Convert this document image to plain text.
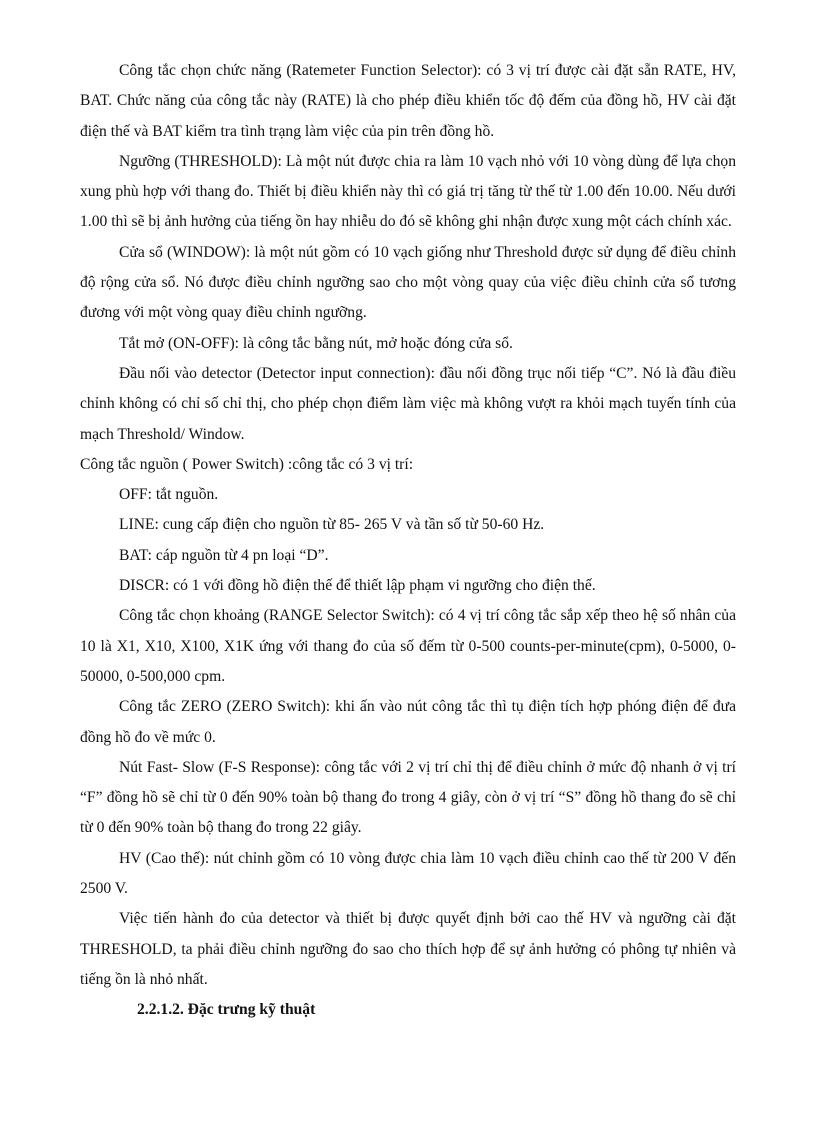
Công tắc chọn chức năng (Ratemeter Function Selector): có 3 vị trí được cài đặt sẵn RATE, HV, BAT. Chức năng của công tắc này (RATE) là cho phép điều khiển tốc độ đếm của đồng hồ, HV cài đặt điện thế và BAT kiểm tra tình trạng làm việc của pin trên đồng hồ.

Ngưỡng (THRESHOLD): Là một nút được chia ra làm 10 vạch nhỏ với 10 vòng dùng để lựa chọn xung phù hợp với thang đo. Thiết bị điều khiển này thì có giá trị tăng từ thế từ 1.00 đến 10.00. Nếu dưới 1.00 thì sẽ bị ảnh hưởng của tiếng ồn hay nhiễu do đó sẽ không ghi nhận được xung một cách chính xác.

Cửa sổ (WINDOW): là một nút gồm có 10 vạch giống như Threshold được sử dụng để điều chỉnh độ rộng cửa sổ. Nó được điều chỉnh ngưỡng sao cho một vòng quay của việc điều chỉnh cửa sổ tương đương với một vòng quay điều chỉnh ngưỡng.

Tắt mở (ON-OFF): là công tắc bằng nút, mở hoặc đóng cửa sổ.

Đầu nối vào detector (Detector input connection): đầu nối đồng trục nối tiếp “C”. Nó là đầu điều chỉnh không có chỉ số chỉ thị, cho phép chọn điểm làm việc mà không vượt ra khỏi mạch tuyến tính của mạch Threshold/ Window.

Công tắc nguồn ( Power Switch) :công tắc có 3 vị trí:

OFF: tắt nguồn.

LINE: cung cấp điện cho nguồn từ 85- 265 V và tần số từ 50-60 Hz.

BAT: cáp nguồn từ 4 pn loại “D”.

DISCR: có 1 với đồng hồ điện thế để thiết lập phạm vi ngưỡng cho điện thế.

Công tắc chọn khoảng (RANGE Selector Switch): có 4 vị trí công tắc sắp xếp theo hệ số nhân của 10 là X1, X10, X100, X1K ứng với thang đo của số đếm từ 0-500 counts-per-minute(cpm), 0-5000, 0-50000, 0-500,000 cpm.

Công tắc ZERO (ZERO Switch): khi ấn vào nút công tắc thì tụ điện tích hợp phóng điện để đưa đồng hồ đo về mức 0.

Nút Fast- Slow (F-S Response): công tắc với 2 vị trí chỉ thị để điều chỉnh ở mức độ nhanh ở vị trí “F” đồng hồ sẽ chỉ từ 0 đến 90% toàn bộ thang đo trong 4 giây, còn ở vị trí “S” đồng hồ thang đo sẽ chỉ từ 0 đến 90% toàn bộ thang đo trong 22 giây.

HV (Cao thế): nút chỉnh gồm có 10 vòng được chia làm 10 vạch điều chỉnh cao thế từ 200 V đến 2500 V.

Việc tiến hành đo của detector và thiết bị được quyết định bởi cao thế HV và ngưỡng cài đặt THRESHOLD, ta phải điều chỉnh ngưỡng đo sao cho thích hợp để sự ảnh hưởng có phông tự nhiên và tiếng ồn là nhỏ nhất.

2.2.1.2. Đặc trưng kỹ thuật
